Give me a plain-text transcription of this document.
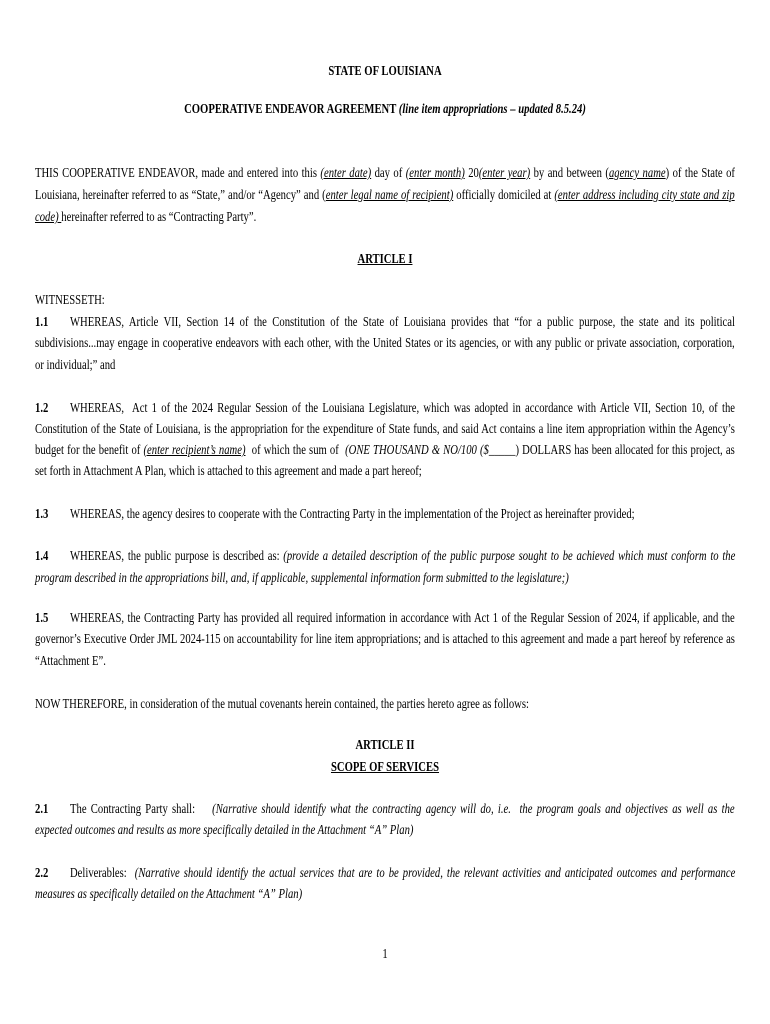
STATE OF LOUISIANA
COOPERATIVE ENDEAVOR AGREEMENT (line item appropriations – updated 8.5.24)
THIS COOPERATIVE ENDEAVOR, made and entered into this (enter date) day of (enter month) 20(enter year) by and between (agency name) of the State of
Louisiana, hereinafter referred to as “State,” and/or “Agency” and (enter legal name of recipient) officially domiciled at (enter address including city state and zip
code) hereinafter referred to as “Contracting Party”.
ARTICLE I
WITNESSETH:
1.1 WHEREAS, Article VII, Section 14 of the Constitution of the State of Louisiana provides that “for a public purpose, the state and its political
subdivisions...may engage in cooperative endeavors with each other, with the United States or its agencies, or with any public or private association, corporation,
or individual;” and
1.2 WHEREAS,  Act 1 of the 2024 Regular Session of the Louisiana Legislature, which was adopted in accordance with Article VII, Section 10, of the
Constitution of the State of Louisiana, is the appropriation for the expenditure of State funds, and said Act contains a line item appropriation within the Agency’s
budget for the benefit of (enter recipient’s name)  of which the sum of  (ONE THOUSAND & NO/100 ($_____) DOLLARS has been allocated for this project, as
set forth in Attachment A Plan, which is attached to this agreement and made a part hereof;
1.3 WHEREAS, the agency desires to cooperate with the Contracting Party in the implementation of the Project as hereinafter provided;
1.4 WHEREAS, the public purpose is described as: (provide a detailed description of the public purpose sought to be achieved which must conform to the
program described in the appropriations bill, and, if applicable, supplemental information form submitted to the legislature;)
1.5 WHEREAS, the Contracting Party has provided all required information in accordance with Act 1 of the Regular Session of 2024, if applicable, and the
governor’s Executive Order JML 2024-115 on accountability for line item appropriations; and is attached to this agreement and made a part hereof by reference as
“Attachment E”.
NOW THEREFORE, in consideration of the mutual covenants herein contained, the parties hereto agree as follows:
ARTICLE II
SCOPE OF SERVICES
2.1 The Contracting Party shall:    (Narrative should identify what the contracting agency will do, i.e.  the program goals and objectives as well as the
expected outcomes and results as more specifically detailed in the Attachment “A” Plan)
2.2 Deliverables:  (Narrative should identify the actual services that are to be provided, the relevant activities and anticipated outcomes and performance
measures as specifically detailed on the Attachment “A” Plan)
1
